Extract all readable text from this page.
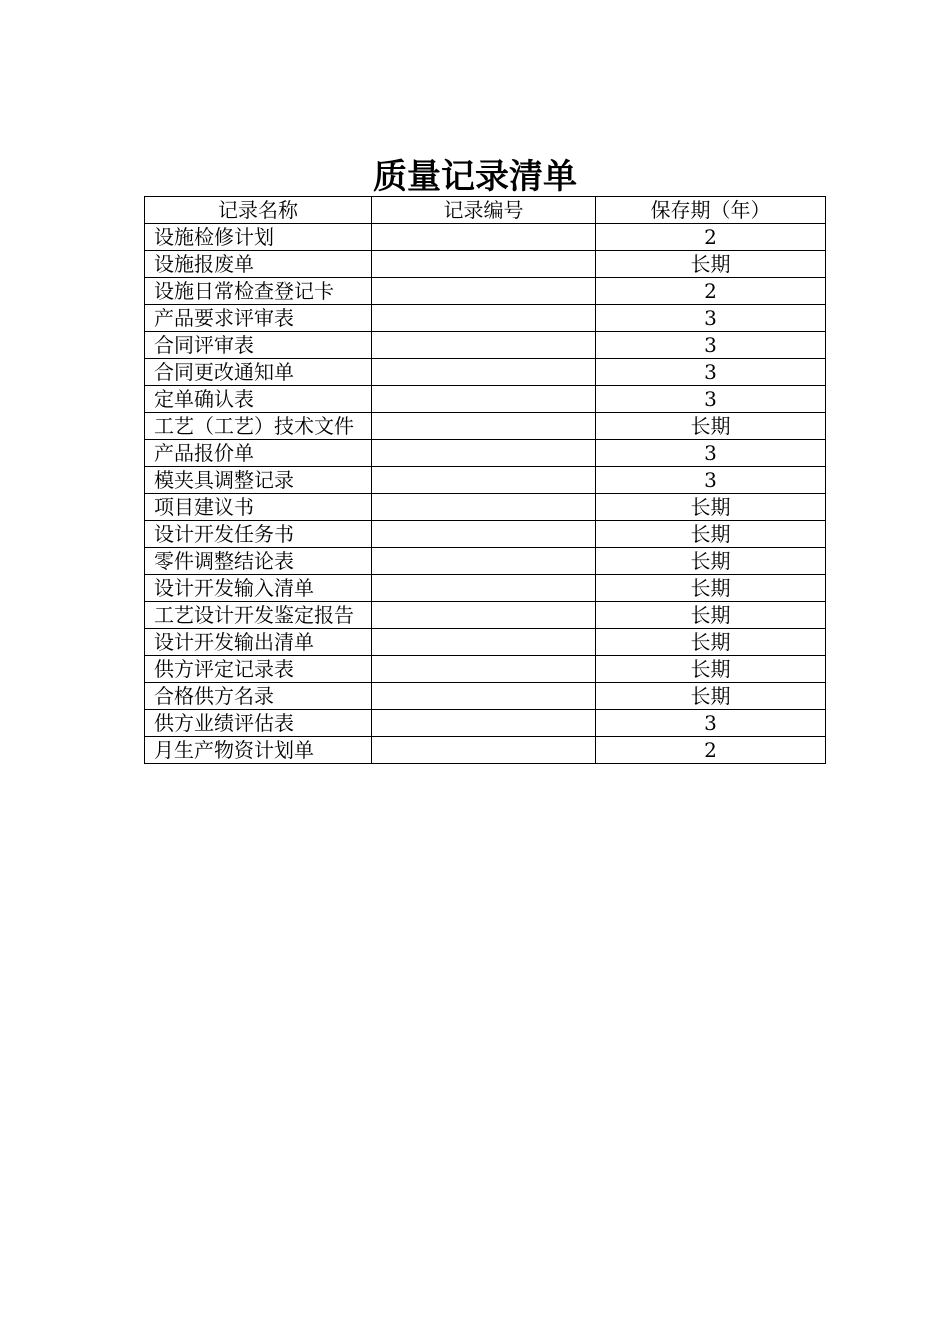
质量记录清单
记录名称	记录编号	保存期（年）
设施检修计划		2
设施报废单		长期
设施日常检查登记卡		2
产品要求评审表		3
合同评审表		3
合同更改通知单		3
定单确认表		3
工艺（工艺）技术文件		长期
产品报价单		3
模夹具调整记录		3
项目建议书		长期
设计开发任务书		长期
零件调整结论表		长期
设计开发输入清单		长期
工艺设计开发鉴定报告		长期
设计开发输出清单		长期
供方评定记录表		长期
合格供方名录		长期
供方业绩评估表		3
月生产物资计划单		2
